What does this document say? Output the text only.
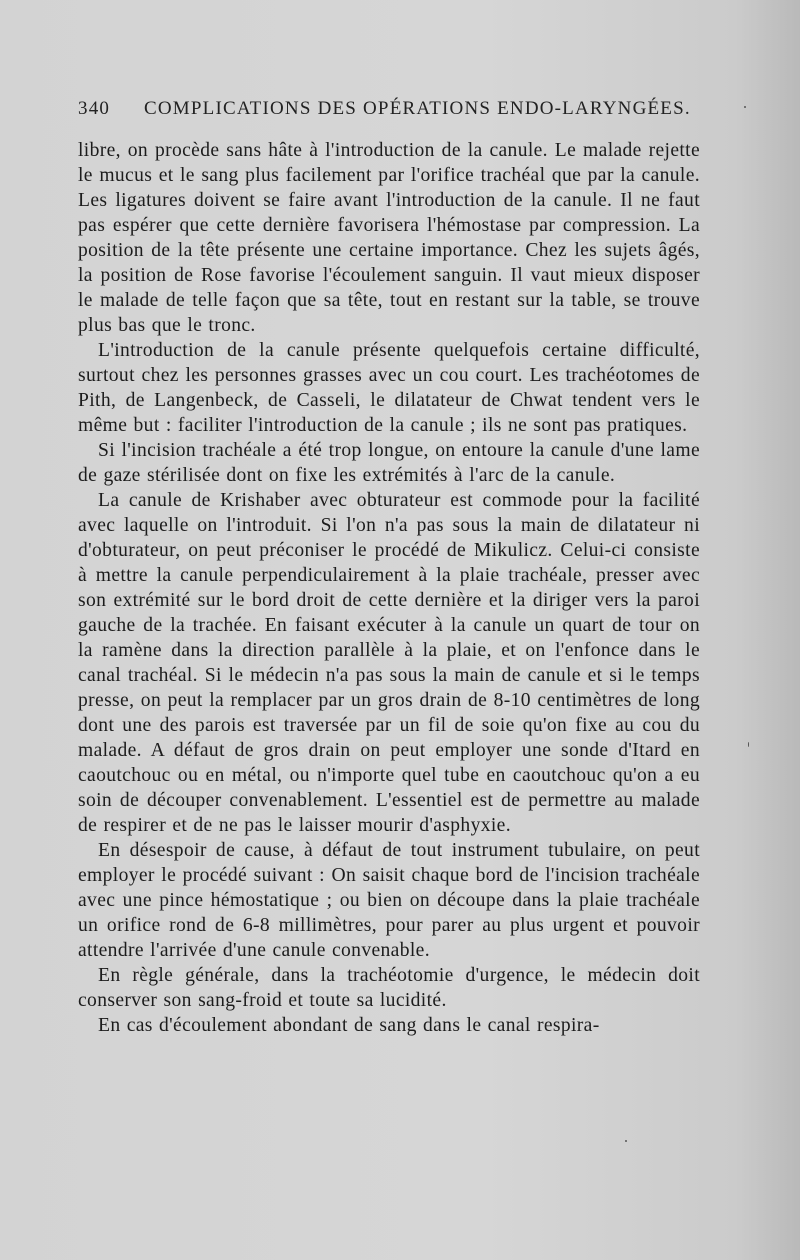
340 COMPLICATIONS DES OPÉRATIONS ENDO-LARYNGÉES.

libre, on procède sans hâte à l'introduction de la canule. Le malade rejette le mucus et le sang plus facilement par l'orifice trachéal que par la canule. Les ligatures doivent se faire avant l'introduction de la canule. Il ne faut pas espérer que cette dernière favorisera l'hémostase par compression. La position de la tête présente une certaine importance. Chez les sujets âgés, la position de Rose favorise l'écoulement sanguin. Il vaut mieux disposer le malade de telle façon que sa tête, tout en restant sur la table, se trouve plus bas que le tronc.

L'introduction de la canule présente quelquefois certaine difficulté, surtout chez les personnes grasses avec un cou court. Les trachéotomes de Pith, de Langenbeck, de Casseli, le dilatateur de Chwat tendent vers le même but : faciliter l'introduction de la canule ; ils ne sont pas pratiques.

Si l'incision trachéale a été trop longue, on entoure la canule d'une lame de gaze stérilisée dont on fixe les extrémités à l'arc de la canule.

La canule de Krishaber avec obturateur est commode pour la facilité avec laquelle on l'introduit. Si l'on n'a pas sous la main de dilatateur ni d'obturateur, on peut préconiser le procédé de Mikulicz. Celui-ci consiste à mettre la canule perpendiculairement à la plaie trachéale, presser avec son extrémité sur le bord droit de cette dernière et la diriger vers la paroi gauche de la trachée. En faisant exécuter à la canule un quart de tour on la ramène dans la direction parallèle à la plaie, et on l'enfonce dans le canal trachéal. Si le médecin n'a pas sous la main de canule et si le temps presse, on peut la remplacer par un gros drain de 8-10 centimètres de long dont une des parois est traversée par un fil de soie qu'on fixe au cou du malade. A défaut de gros drain on peut employer une sonde d'Itard en caoutchouc ou en métal, ou n'importe quel tube en caoutchouc qu'on a eu soin de découper convenablement. L'essentiel est de permettre au malade de respirer et de ne pas le laisser mourir d'asphyxie.

En désespoir de cause, à défaut de tout instrument tubulaire, on peut employer le procédé suivant : On saisit chaque bord de l'incision trachéale avec une pince hémostatique ; ou bien on découpe dans la plaie trachéale un orifice rond de 6-8 millimètres, pour parer au plus urgent et pouvoir attendre l'arrivée d'une canule convenable.

En règle générale, dans la trachéotomie d'urgence, le médecin doit conserver son sang-froid et toute sa lucidité.

En cas d'écoulement abondant de sang dans le canal respira-
